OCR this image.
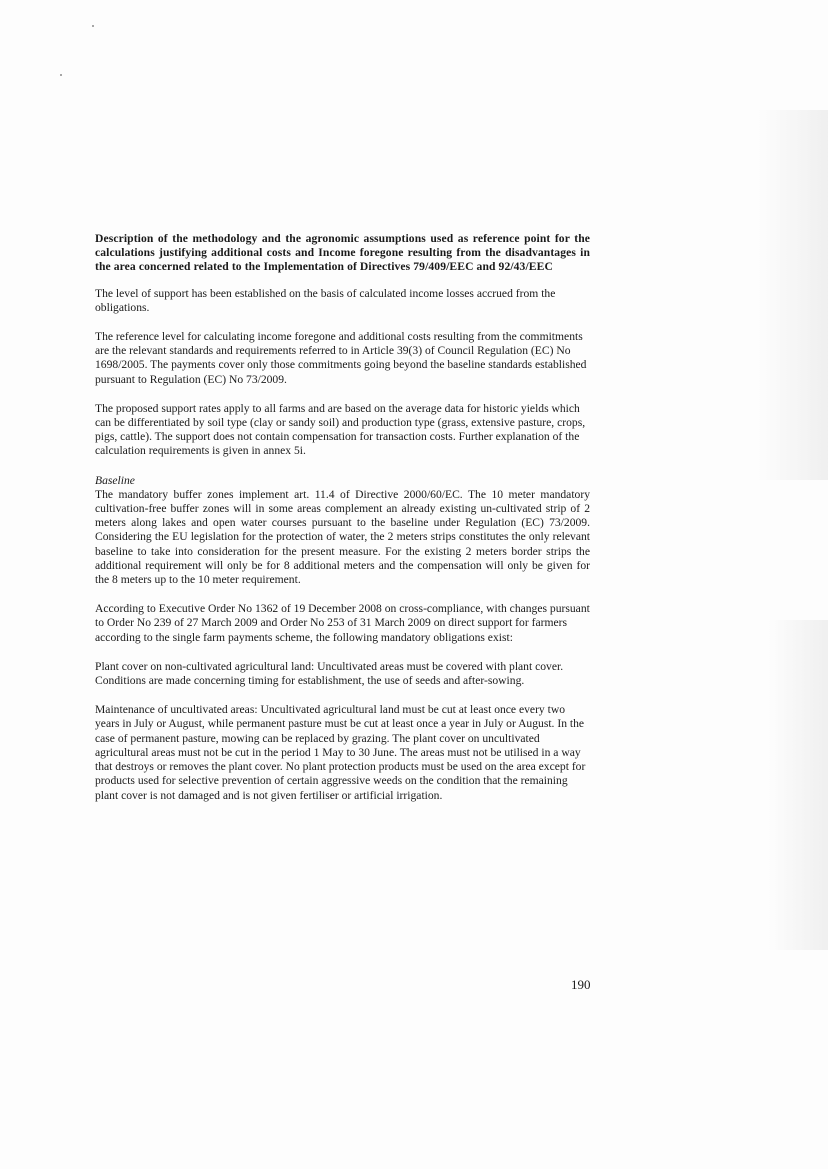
Description of the methodology and the agronomic assumptions used as reference point for the calculations justifying additional costs and Income foregone resulting from the disadvantages in the area concerned related to the Implementation of Directives 79/409/EEC and 92/43/EEC

The level of support has been established on the basis of calculated income losses accrued from the obligations.

The reference level for calculating income foregone and additional costs resulting from the commitments are the relevant standards and requirements referred to in Article 39(3) of Council Regulation (EC) No 1698/2005. The payments cover only those commitments going beyond the baseline standards established pursuant to Regulation (EC) No 73/2009.

The proposed support rates apply to all farms and are based on the average data for historic yields which can be differentiated by soil type (clay or sandy soil) and production type (grass, extensive pasture, crops, pigs, cattle). The support does not contain compensation for transaction costs. Further explanation of the calculation requirements is given in annex 5i.

Baseline

The mandatory buffer zones implement art. 11.4 of Directive 2000/60/EC. The 10 meter mandatory cultivation-free buffer zones will in some areas complement an already existing un-cultivated strip of 2 meters along lakes and open water courses pursuant to the baseline under Regulation (EC) 73/2009. Considering the EU legislation for the protection of water, the 2 meters strips constitutes the only relevant baseline to take into consideration for the present measure. For the existing 2 meters border strips the additional requirement will only be for 8 additional meters and the compensation will only be given for the 8 meters up to the 10 meter requirement.

According to Executive Order No 1362 of 19 December 2008 on cross-compliance, with changes pursuant to Order No 239 of 27 March 2009 and Order No 253 of 31 March 2009 on direct support for farmers according to the single farm payments scheme, the following mandatory obligations exist:

Plant cover on non-cultivated agricultural land: Uncultivated areas must be covered with plant cover. Conditions are made concerning timing for establishment, the use of seeds and after-sowing.

Maintenance of uncultivated areas: Uncultivated agricultural land must be cut at least once every two years in July or August, while permanent pasture must be cut at least once a year in July or August. In the case of permanent pasture, mowing can be replaced by grazing. The plant cover on uncultivated agricultural areas must not be cut in the period 1 May to 30 June. The areas must not be utilised in a way that destroys or removes the plant cover. No plant protection products must be used on the area except for products used for selective prevention of certain aggressive weeds on the condition that the remaining plant cover is not damaged and is not given fertiliser or artificial irrigation.

190
